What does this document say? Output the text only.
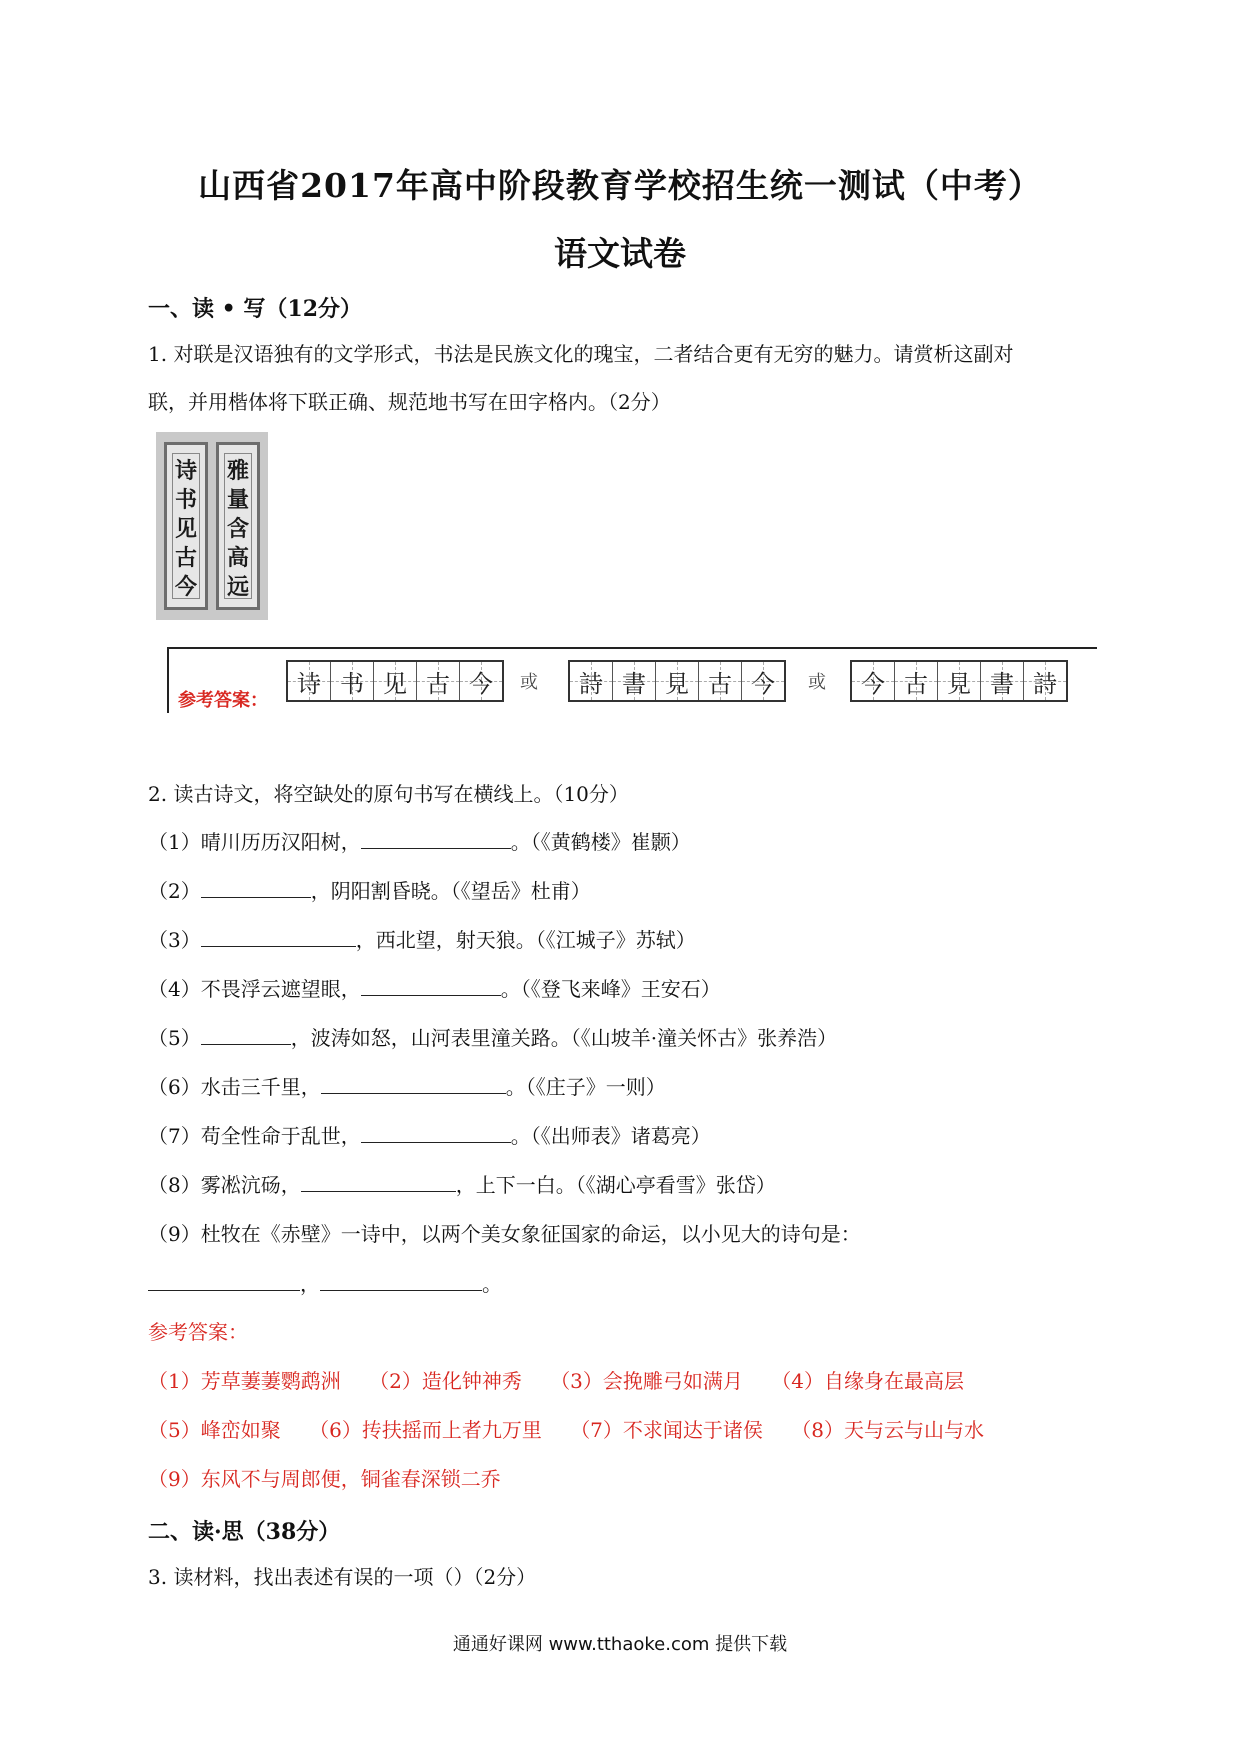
山西省2017年高中阶段教育学校招生统一测试（中考）
语文试卷
一、读 • 写（12分）
1. 对联是汉语独有的文学形式，书法是民族文化的瑰宝，二者结合更有无穷的魅力。请赏析这副对
联，并用楷体将下联正确、规范地书写在田字格内。（2分）
诗
书
见
古
今
雅
量
含
高
远
参考答案：
诗 书 见 古 今 或 詩 書 見 古 今 或 今 古 見 書 詩
2. 读古诗文，将空缺处的原句书写在横线上。（10分）
（1）晴川历历汉阳树，	。（《黄鹤楼》崔颢）
（2）	，阴阳割昏晓。（《望岳》杜甫）
（3）	，西北望，射天狼。（《江城子》苏轼）
（4）不畏浮云遮望眼，	。（《登飞来峰》王安石）
（5）	，波涛如怒，山河表里潼关路。（《山坡羊·潼关怀古》张养浩）
（6）水击三千里，	。（《庄子》一则）
（7）苟全性命于乱世，	。（《出师表》诸葛亮）
（8）雾凇沆砀，	，上下一白。（《湖心亭看雪》张岱）
（9）杜牧在《赤壁》一诗中，以两个美女象征国家的命运，以小见大的诗句是：
，	。
参考答案：
（1）芳草萋萋鹦鹉洲 （2）造化钟神秀 （3）会挽雕弓如满月 （4）自缘身在最高层
（5）峰峦如聚 （6）抟扶摇而上者九万里 （7）不求闻达于诸侯 （8）天与云与山与水
（9）东风不与周郎便，铜雀春深锁二乔
二、读·思（38分）
3. 读材料，找出表述有误的一项（）（2分）
通通好课网 www.tthaoke.com 提供下载
